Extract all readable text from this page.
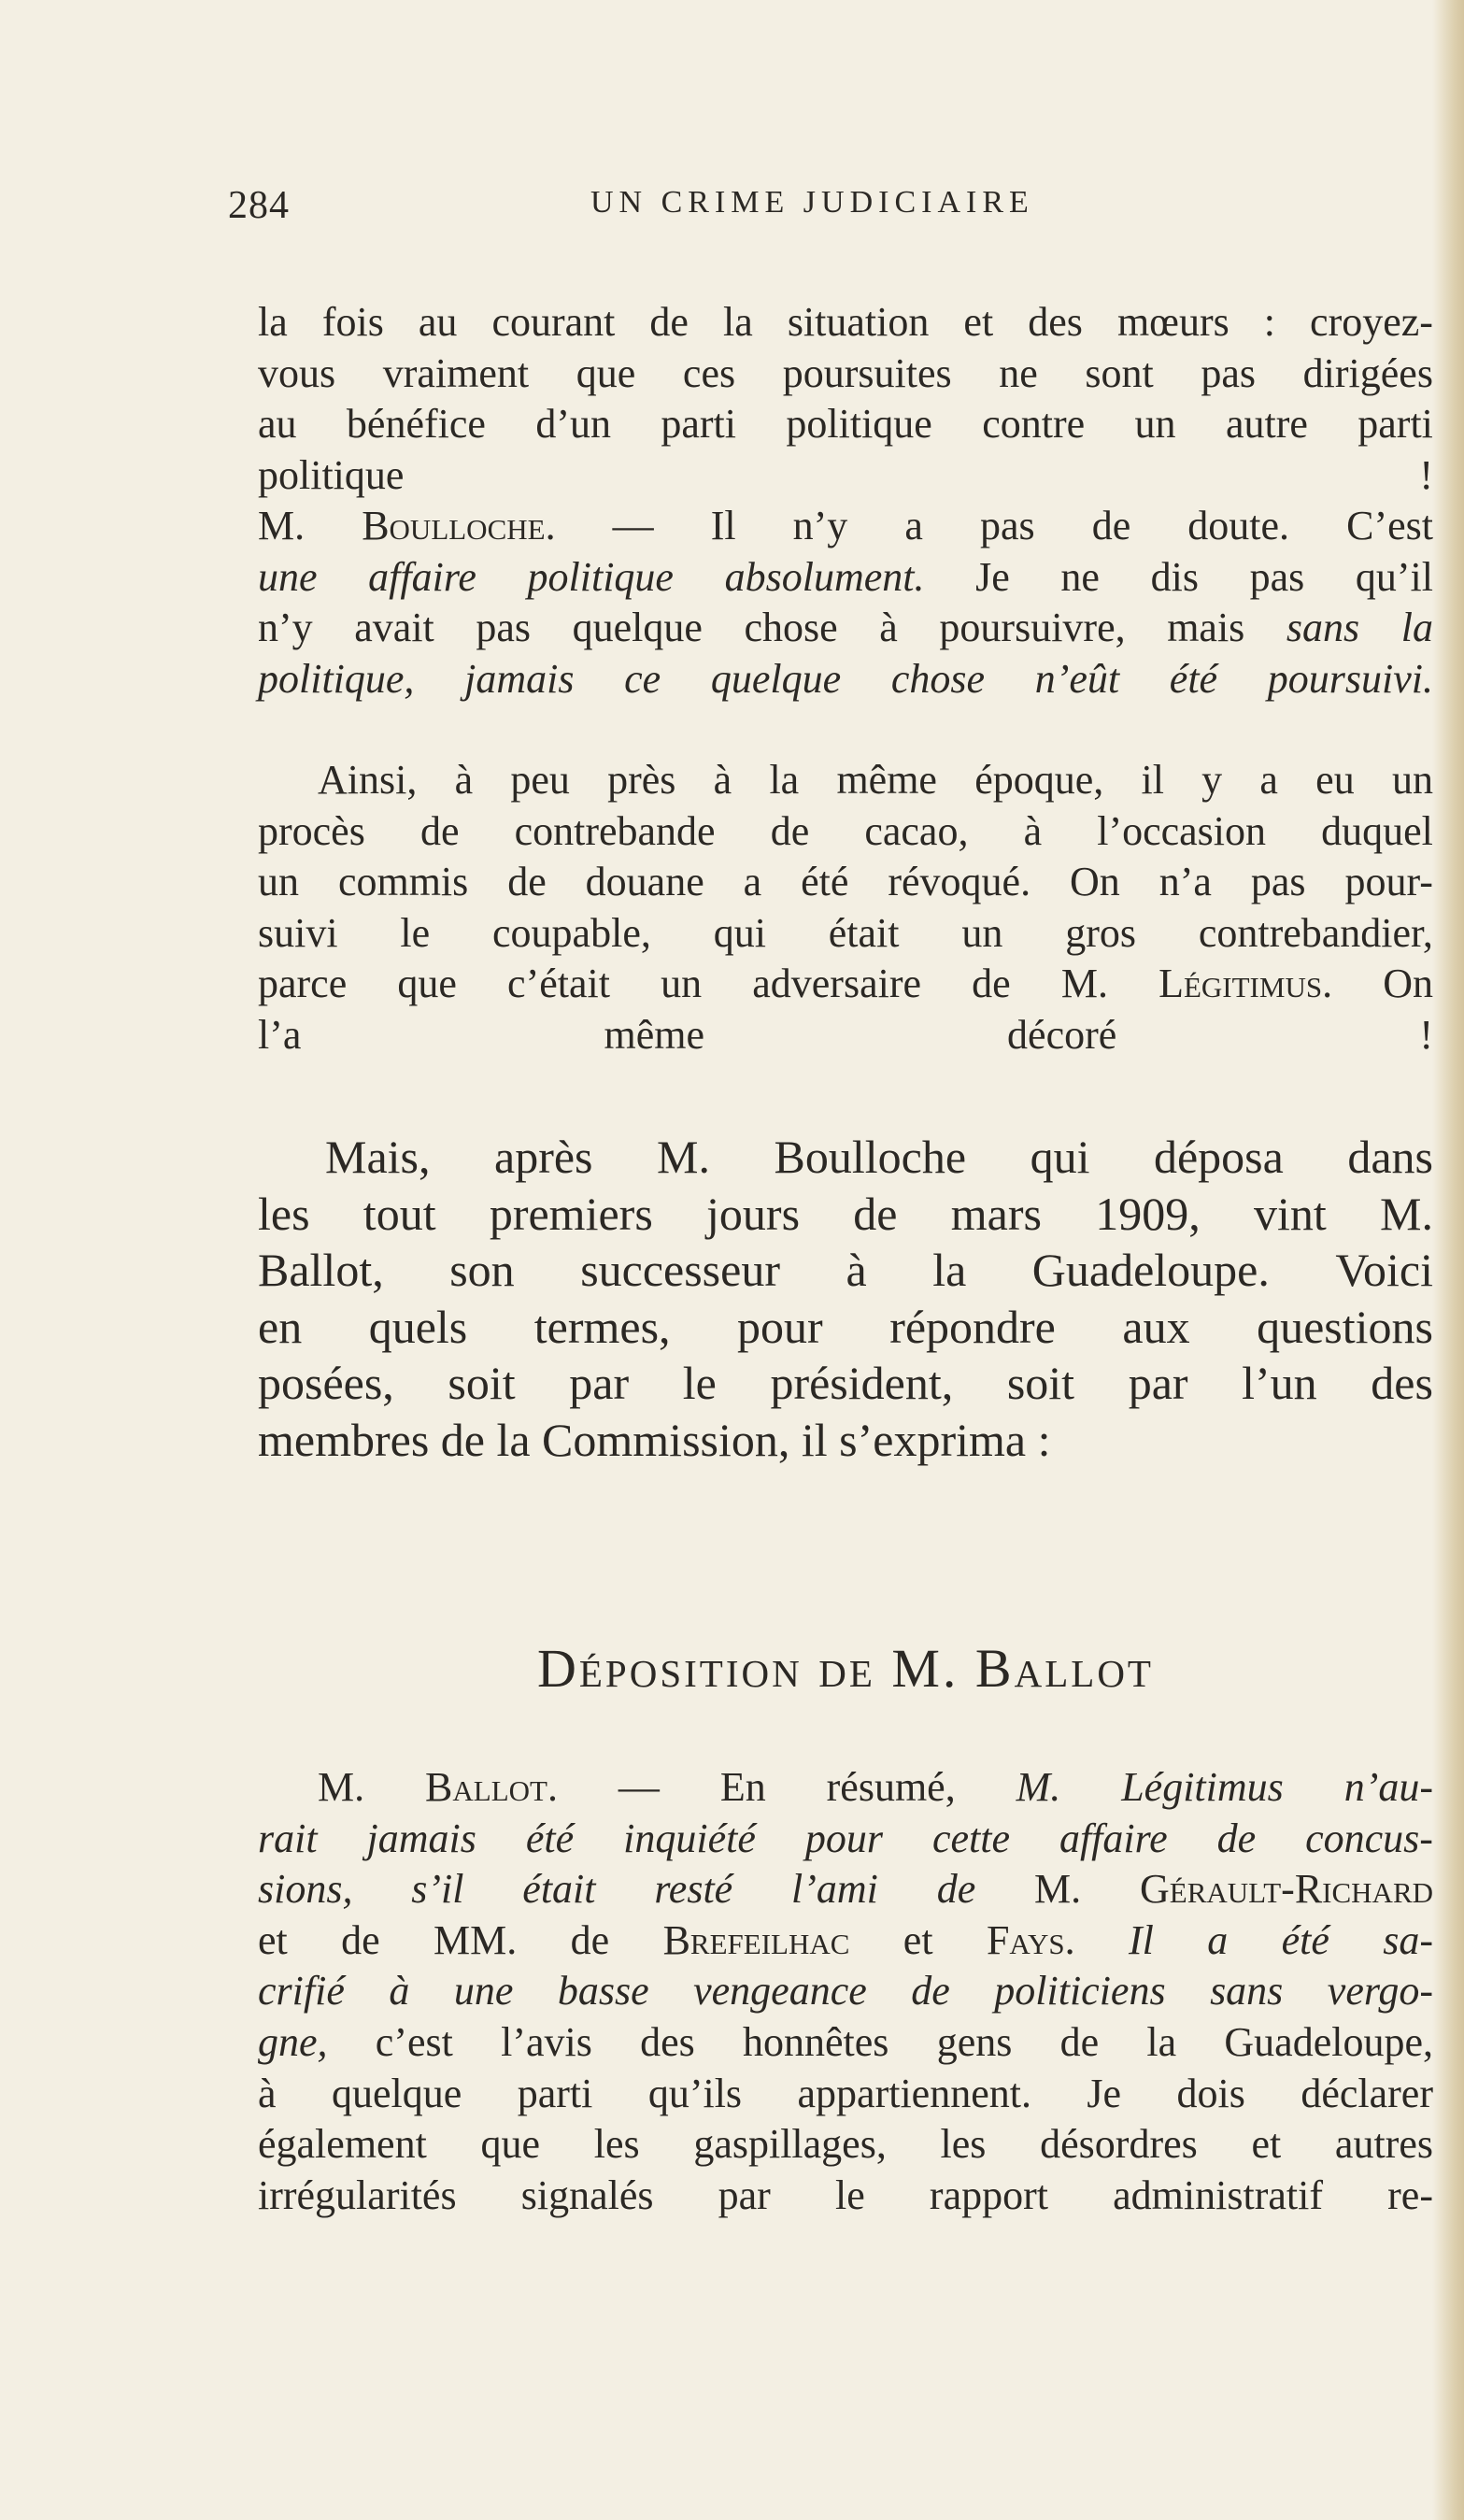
284	UN CRIME JUDICIAIRE
la fois au courant de la situation et des mœurs : croyez-
vous vraiment que ces poursuites ne sont pas dirigées
au bénéfice d’un parti politique contre un autre parti
politique !
M. Boulloche. — Il n’y a pas de doute. C’est
une affaire politique absolument. Je ne dis pas qu’il
n’y avait pas quelque chose à poursuivre, mais sans la
politique, jamais ce quelque chose n’eût été poursuivi.
Ainsi, à peu près à la même époque, il y a eu un
procès de contrebande de cacao, à l’occasion duquel
un commis de douane a été révoqué. On n’a pas pour-
suivi le coupable, qui était un gros contrebandier,
parce que c’était un adversaire de M. Légitimus. On
l’a même décoré !
Mais, après M. Boulloche qui déposa dans
les tout premiers jours de mars 1909, vint M.
Ballot, son successeur à la Guadeloupe. Voici
en quels termes, pour répondre aux questions
posées, soit par le président, soit par l’un des
membres de la Commission, il s’exprima :
Déposition de M. Ballot
M. Ballot. — En résumé, M. Légitimus n’au-
rait jamais été inquiété pour cette affaire de concus-
sions, s’il était resté l’ami de M. Gérault-Richard
et de MM. de Brefeilhac et Fays. Il a été sa-
crifié à une basse vengeance de politiciens sans vergo-
gne, c’est l’avis des honnêtes gens de la Guadeloupe,
à quelque parti qu’ils appartiennent. Je dois déclarer
également que les gaspillages, les désordres et autres
irrégularités signalés par le rapport administratif re-
